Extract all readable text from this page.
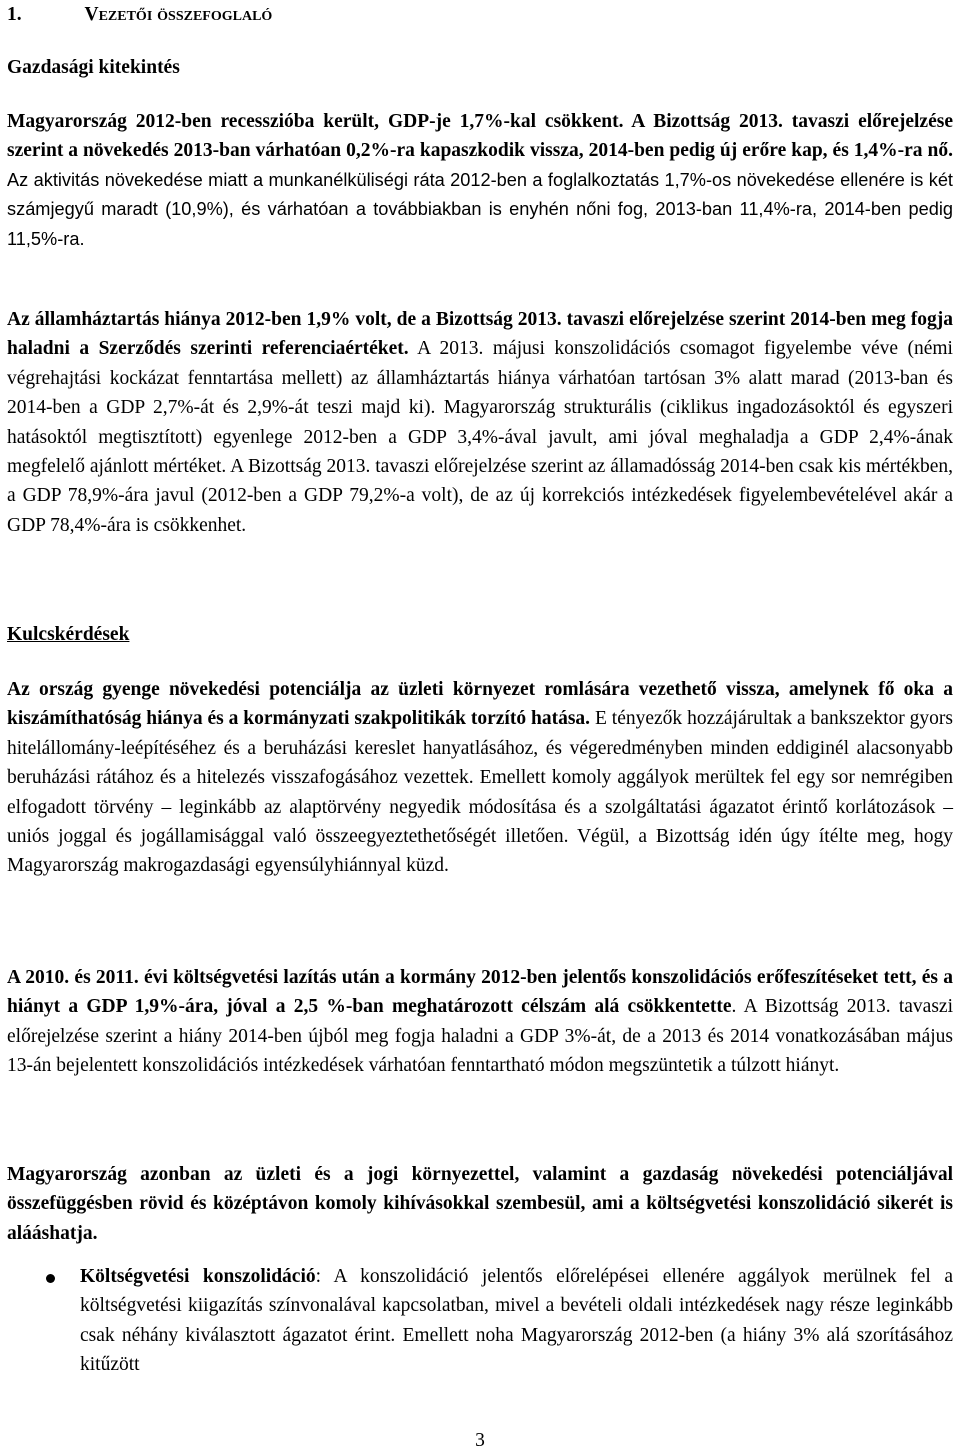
1.	Vezetői összefoglaló
Gazdasági kitekintés

Magyarország 2012-ben recesszióba került, GDP-je 1,7%-kal csökkent. A Bizottság 2013. tavaszi előrejelzése szerint a növekedés 2013-ban várhatóan 0,2%-ra kapaszkodik vissza, 2014-ben pedig új erőre kap, és 1,4%-ra nő. Az aktivitás növekedése miatt a munkanélküliségi ráta 2012-ben a foglalkoztatás 1,7%-os növekedése ellenére is két számjegyű maradt (10,9%), és várhatóan a továbbiakban is enyhén nőni fog, 2013-ban 11,4%-ra, 2014-ben pedig 11,5%-ra.

Az államháztartás hiánya 2012-ben 1,9% volt, de a Bizottság 2013. tavaszi előrejelzése szerint 2014-ben meg fogja haladni a Szerződés szerinti referenciaértéket. A 2013. májusi konszolidációs csomagot figyelembe véve (némi végrehajtási kockázat fenntartása mellett) az államháztartás hiánya várhatóan tartósan 3% alatt marad (2013-ban és 2014-ben a GDP 2,7%-át és 2,9%-át teszi majd ki). Magyarország strukturális (ciklikus ingadozásoktól és egyszeri hatásoktól megtisztított) egyenlege 2012-ben a GDP 3,4%-ával javult, ami jóval meghaladja a GDP 2,4%-ának megfelelő ajánlott mértéket. A Bizottság 2013. tavaszi előrejelzése szerint az államadósság 2014-ben csak kis mértékben, a GDP 78,9%-ára javul (2012-ben a GDP 79,2%-a volt), de az új korrekciós intézkedések figyelembevételével akár a GDP 78,4%-ára is csökkenhet.

Kulcskérdések

Az ország gyenge növekedési potenciálja az üzleti környezet romlására vezethető vissza, amelynek fő oka a kiszámíthatóság hiánya és a kormányzati szakpolitikák torzító hatása. E tényezők hozzájárultak a bankszektor gyors hitelállomány-leépítéséhez és a beruházási kereslet hanyatlásához, és végeredményben minden eddiginél alacsonyabb beruházási rátához és a hitelezés visszafogásához vezettek. Emellett komoly aggályok merültek fel egy sor nemrégiben elfogadott törvény – leginkább az alaptörvény negyedik módosítása és a szolgáltatási ágazatot érintő korlátozások – uniós joggal és jogállamisággal való összeegyeztethetőségét illetően. Végül, a Bizottság idén úgy ítélte meg, hogy Magyarország makrogazdasági egyensúlyhiánnyal küzd.

A 2010. és 2011. évi költségvetési lazítás után a kormány 2012-ben jelentős konszolidációs erőfeszítéseket tett, és a hiányt a GDP 1,9%-ára, jóval a 2,5 %-ban meghatározott célszám alá csökkentette. A Bizottság 2013. tavaszi előrejelzése szerint a hiány 2014-ben újból meg fogja haladni a GDP 3%-át, de a 2013 és 2014 vonatkozásában május 13-án bejelentett konszolidációs intézkedések várhatóan fenntartható módon megszüntetik a túlzott hiányt.

Magyarország azonban az üzleti és a jogi környezettel, valamint a gazdaság növekedési potenciáljával összefüggésben rövid és középtávon komoly kihívásokkal szembesül, ami a költségvetési konszolidáció sikerét is alááshatja.

Költségvetési konszolidáció: A konszolidáció jelentős előrelépései ellenére aggályok merülnek fel a költségvetési kiigazítás színvonalával kapcsolatban, mivel a bevételi oldali intézkedések nagy része leginkább csak néhány kiválasztott ágazatot érint. Emellett noha Magyarország 2012-ben (a hiány 3% alá szorításához kitűzött

3
